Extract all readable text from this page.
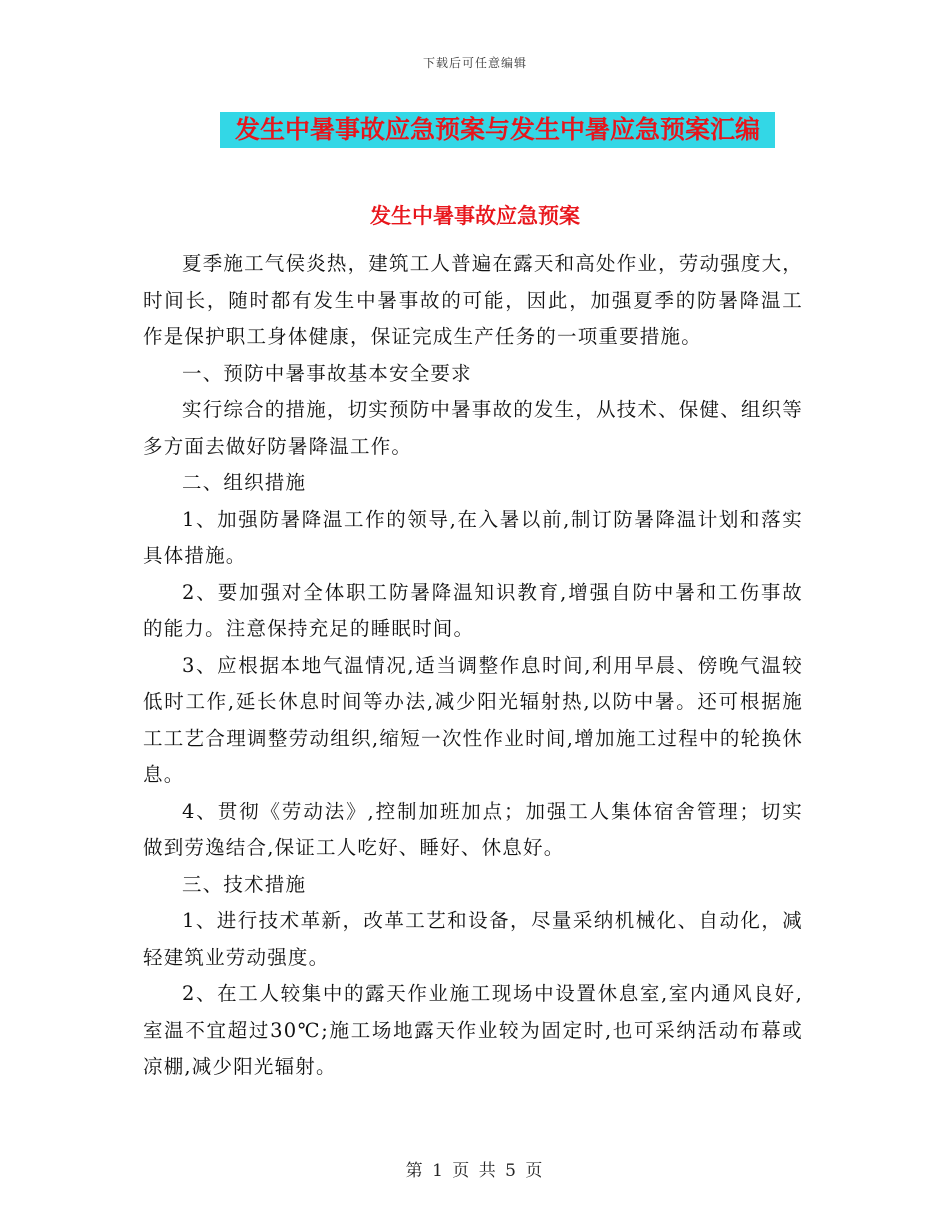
下载后可任意编辑
发生中暑事故应急预案与发生中暑应急预案汇编
发生中暑事故应急预案

夏季施工气侯炎热，建筑工人普遍在露天和高处作业，劳动强度大，时间长，随时都有发生中暑事故的可能，因此，加强夏季的防暑降温工作是保护职工身体健康，保证完成生产任务的一项重要措施。

一、预防中暑事故基本安全要求

实行综合的措施，切实预防中暑事故的发生，从技术、保健、组织等多方面去做好防暑降温工作。

二、组织措施

1、加强防暑降温工作的领导,在入暑以前,制订防暑降温计划和落实具体措施。

2、要加强对全体职工防暑降温知识教育,增强自防中暑和工伤事故的能力。注意保持充足的睡眠时间。

3、应根据本地气温情况,适当调整作息时间,利用早晨、傍晚气温较低时工作,延长休息时间等办法,减少阳光辐射热,以防中暑。还可根据施工工艺合理调整劳动组织,缩短一次性作业时间,增加施工过程中的轮换休息。

4、贯彻《劳动法》,控制加班加点；加强工人集体宿舍管理；切实做到劳逸结合,保证工人吃好、睡好、休息好。

三、技术措施

1、进行技术革新，改革工艺和设备，尽量采纳机械化、自动化，减轻建筑业劳动强度。

2、在工人较集中的露天作业施工现场中设置休息室,室内通风良好,室温不宜超过30℃;施工场地露天作业较为固定时,也可采纳活动布幕或凉棚,减少阳光辐射。

第 1 页 共 5 页
